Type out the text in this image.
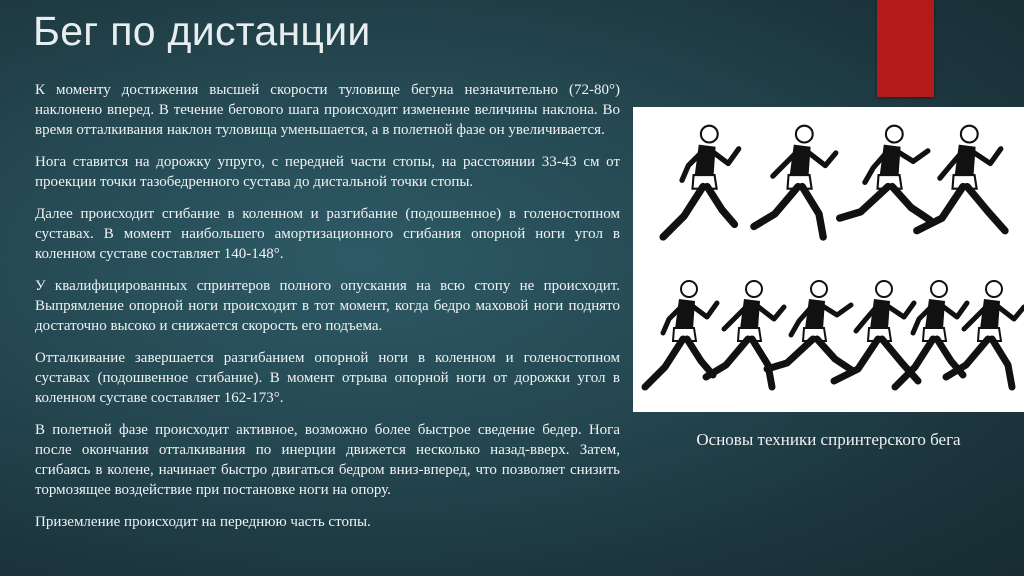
Бег по дистанции

К моменту достижения высшей скорости туловище бегуна незначительно (72-80°) наклонено вперед. В течение бегового шага происходит изменение величины наклона. Во время отталкивания наклон туловища уменьшается, а в полетной фазе он увеличивается.

Нога ставится на дорожку упруго, с передней части стопы, на расстоянии 33-43 см от проекции точки тазобедренного сустава до дистальной точки стопы.

Далее происходит сгибание в коленном и разгибание (подошвенное) в голеностопном суставах. В момент наибольшего амортизационного сгибания опорной ноги угол в коленном суставе составляет 140-148°.

У квалифицированных спринтеров полного опускания на всю стопу не происходит. Выпрямление опорной ноги происходит в тот момент, когда бедро маховой ноги поднято достаточно высоко и снижается скорость его подъема.

Отталкивание завершается разгибанием опорной ноги в коленном и голеностопном суставах (подошвенное сгибание). В момент отрыва опорной ноги от дорожки угол в коленном суставе составляет 162-173°.

В полетной фазе происходит активное, возможно более быстрое сведение бедер. Нога после окончания отталкивания по инерции движется несколько назад-вверх. Затем, сгибаясь в колене, начинает быстро двигаться бедром вниз-вперед, что позволяет снизить тормозящее воздействие при постановке ноги на опору.

Приземление происходит на переднюю часть стопы.

Основы техники спринтерского бега
